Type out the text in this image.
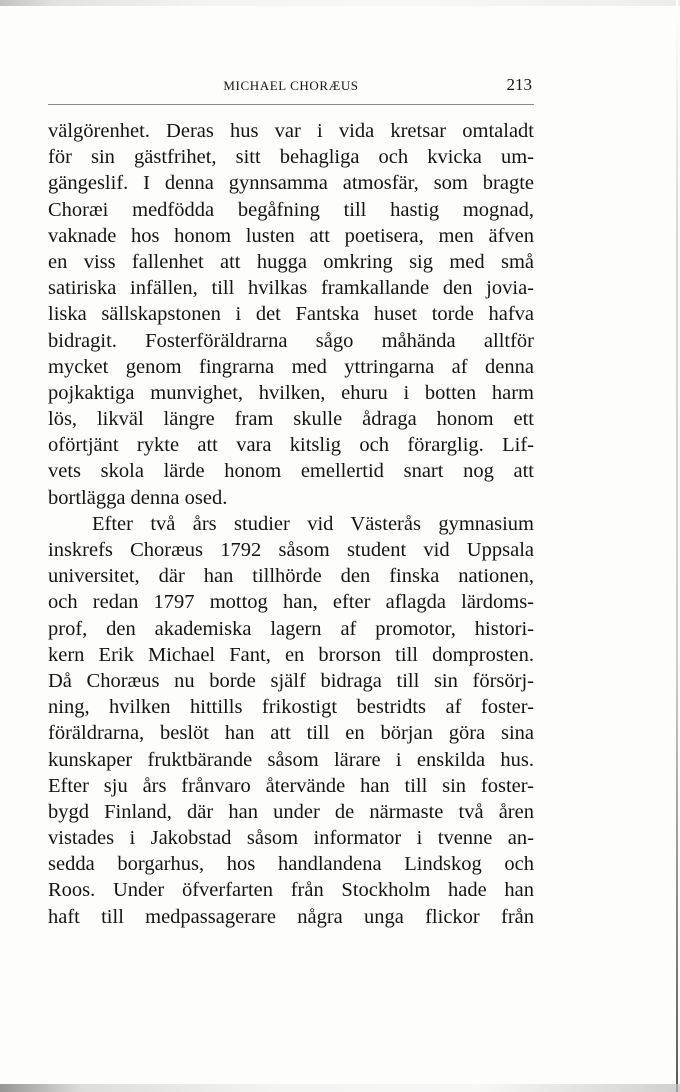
MICHAEL CHORÆUS	213
välgörenhet. Deras hus var i vida kretsar omtaladt
för sin gästfrihet, sitt behagliga och kvicka um-
gängeslif. I denna gynnsamma atmosfär, som bragte
Choræi medfödda begåfning till hastig mognad,
vaknade hos honom lusten att poetisera, men äfven
en viss fallenhet att hugga omkring sig med små
satiriska infällen, till hvilkas framkallande den jovia-
liska sällskapstonen i det Fantska huset torde hafva
bidragit. Fosterföräldrarna sågo måhända alltför
mycket genom fingrarna med yttringarna af denna
pojkaktiga munvighet, hvilken, ehuru i botten harm
lös, likväl längre fram skulle ådraga honom ett
oförtjänt rykte att vara kitslig och förarglig. Lif-
vets skola lärde honom emellertid snart nog att
bortlägga denna osed.
Efter två års studier vid Västerås gymnasium
inskrefs Choræus 1792 såsom student vid Uppsala
universitet, där han tillhörde den finska nationen,
och redan 1797 mottog han, efter aflagda lärdoms-
prof, den akademiska lagern af promotor, histori-
kern Erik Michael Fant, en brorson till domprosten.
Då Choræus nu borde själf bidraga till sin försörj-
ning, hvilken hittills frikostigt bestridts af foster-
föräldrarna, beslöt han att till en början göra sina
kunskaper fruktbärande såsom lärare i enskilda hus.
Efter sju års frånvaro återvände han till sin foster-
bygd Finland, där han under de närmaste två åren
vistades i Jakobstad såsom informator i tvenne an-
sedda borgarhus, hos handlandena Lindskog och
Roos. Under öfverfarten från Stockholm hade han
haft till medpassagerare några unga flickor från
